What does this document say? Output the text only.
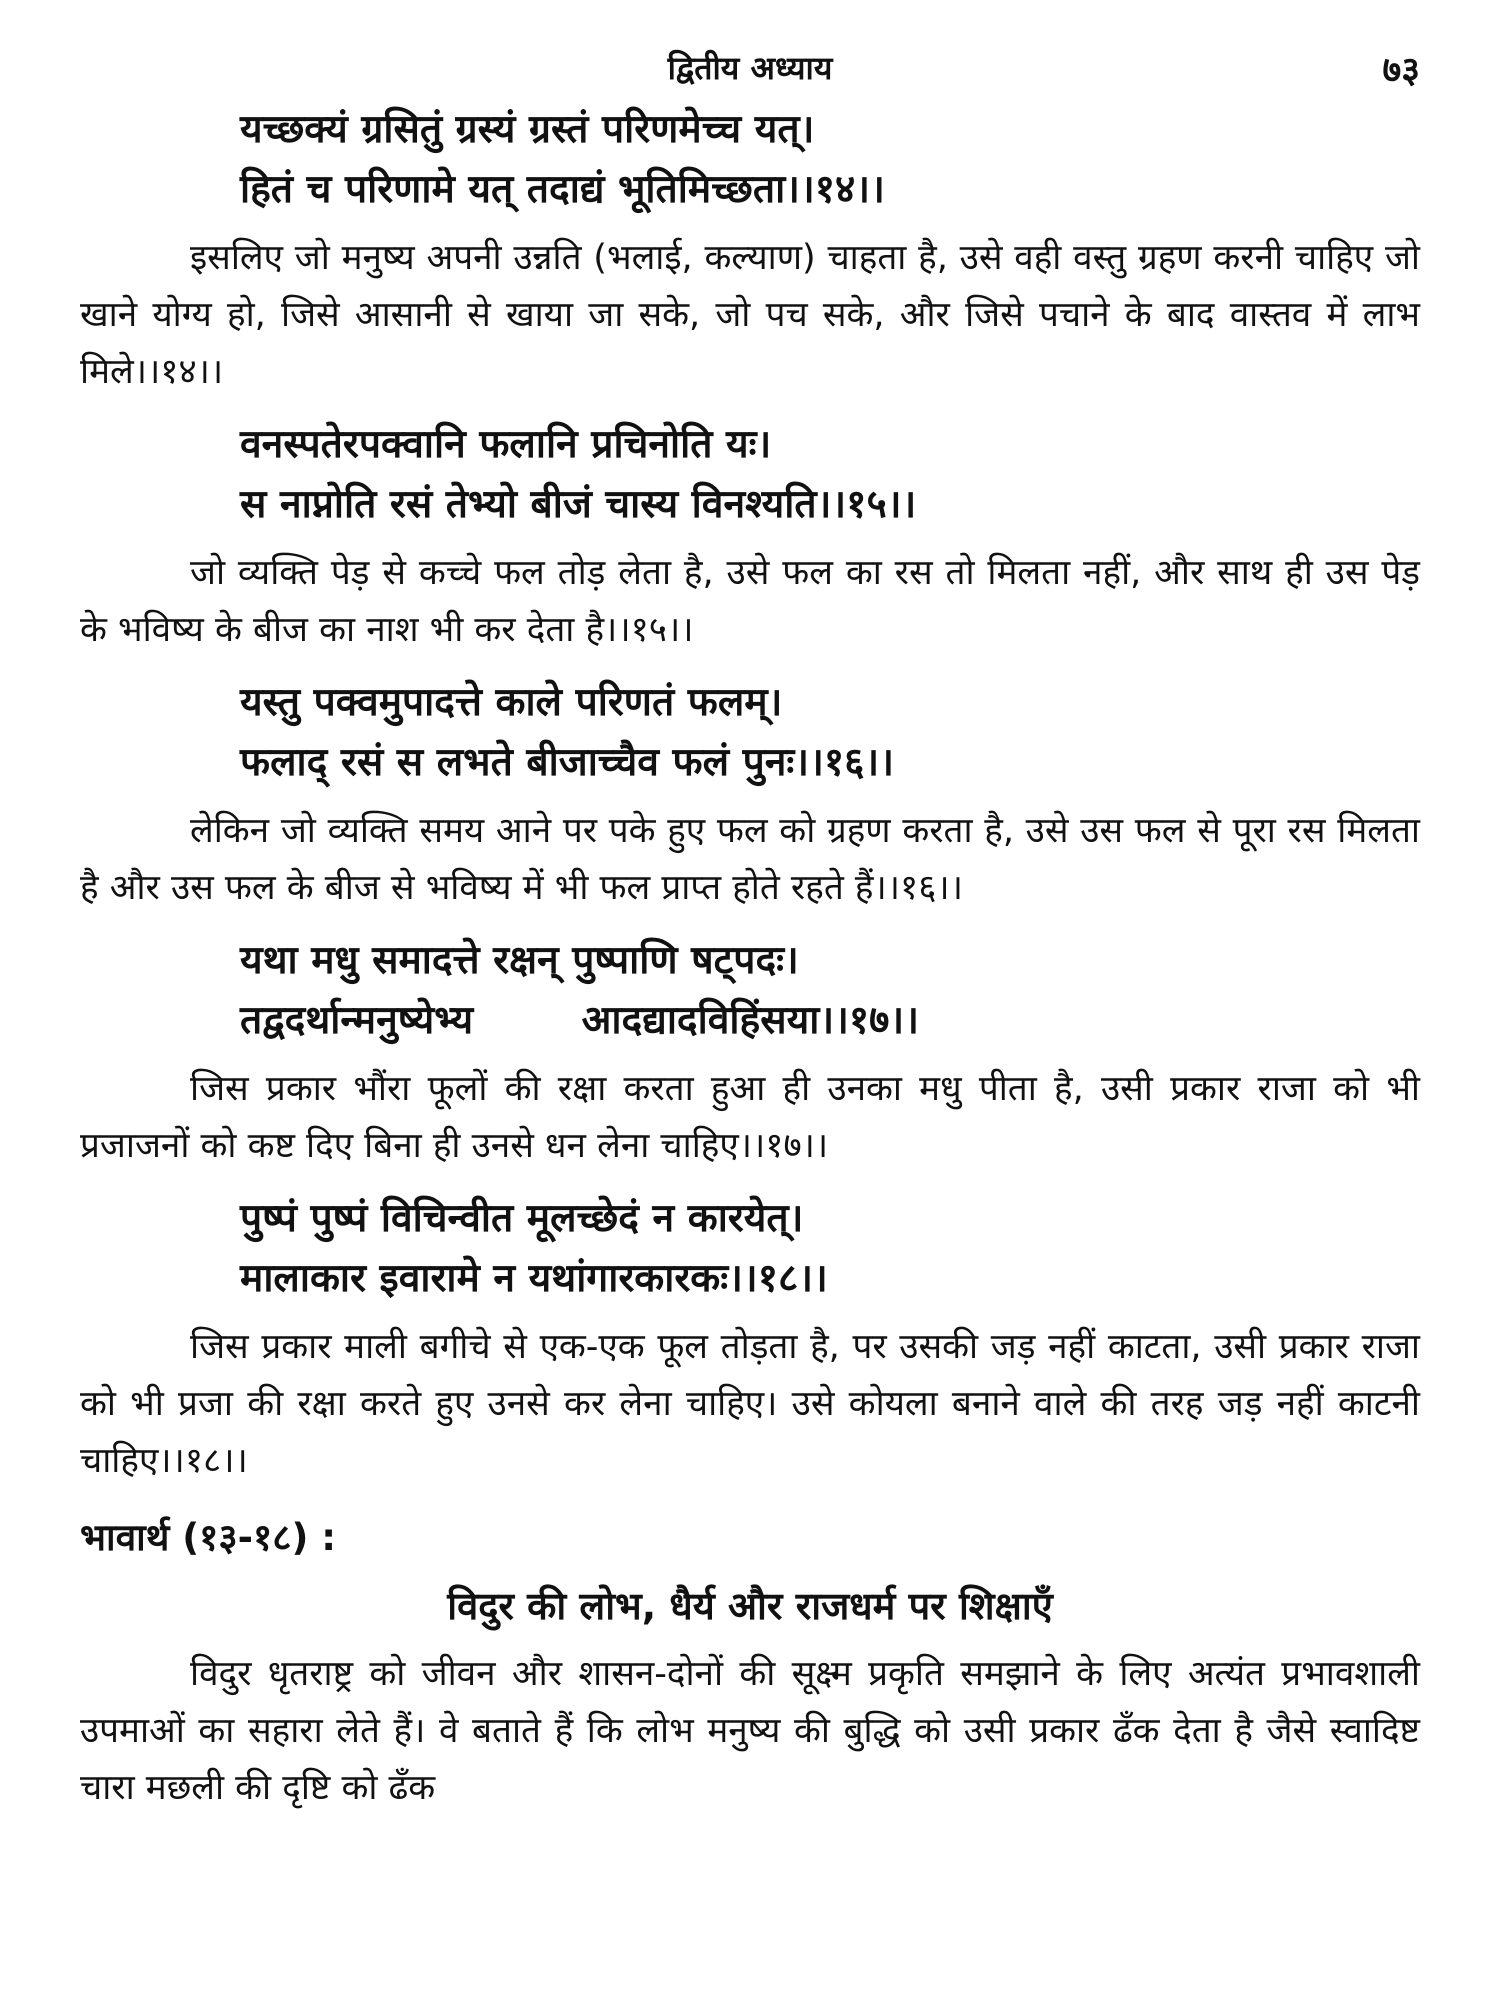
द्वितीय अध्याय	७३
यच्छक्यं ग्रसितुं ग्रस्यं ग्रस्तं परिणमेच्च यत्।
हितं च परिणामे यत् तदाद्यं भूतिमिच्छता।।१४।।

इसलिए जो मनुष्य अपनी उन्नति (भलाई, कल्याण) चाहता है, उसे वही वस्तु ग्रहण करनी चाहिए जो खाने योग्य हो, जिसे आसानी से खाया जा सके, जो पच सके, और जिसे पचाने के बाद वास्तव में लाभ मिले।।१४।।

वनस्पतेरपक्वानि फलानि प्रचिनोति यः।
स नाप्नोति रसं तेभ्यो बीजं चास्य विनश्यति।।१५।।

जो व्यक्ति पेड़ से कच्चे फल तोड़ लेता है, उसे फल का रस तो मिलता नहीं, और साथ ही उस पेड़ के भविष्य के बीज का नाश भी कर देता है।।१५।।

यस्तु पक्वमुपादत्ते काले परिणतं फलम्।
फलाद् रसं स लभते बीजाच्चैव फलं पुनः।।१६।।

लेकिन जो व्यक्ति समय आने पर पके हुए फल को ग्रहण करता है, उसे उस फल से पूरा रस मिलता है और उस फल के बीज से भविष्य में भी फल प्राप्त होते रहते हैं।।१६।।

यथा मधु समादत्ते रक्षन् पुष्पाणि षट्पदः।
तद्वदर्थान्मनुष्येभ्य        आदद्यादविहिंसया।।१७।।

जिस प्रकार भौंरा फूलों की रक्षा करता हुआ ही उनका मधु पीता है, उसी प्रकार राजा को भी प्रजाजनों को कष्ट दिए बिना ही उनसे धन लेना चाहिए।।१७।।

पुष्पं पुष्पं विचिन्वीत मूलच्छेदं न कारयेत्।
मालाकार इवारामे न यथांगारकारकः।।१८।।

जिस प्रकार माली बगीचे से एक-एक फूल तोड़ता है, पर उसकी जड़ नहीं काटता, उसी प्रकार राजा को भी प्रजा की रक्षा करते हुए उनसे कर लेना चाहिए। उसे कोयला बनाने वाले की तरह जड़ नहीं काटनी चाहिए।।१८।।

भावार्थ (१३-१८) :
विदुर की लोभ, धैर्य और राजधर्म पर शिक्षाएँ

विदुर धृतराष्ट्र को जीवन और शासन-दोनों की सूक्ष्म प्रकृति समझाने के लिए अत्यंत प्रभावशाली उपमाओं का सहारा लेते हैं। वे बताते हैं कि लोभ मनुष्य की बुद्धि को उसी प्रकार ढँक देता है जैसे स्वादिष्ट चारा मछली की दृष्टि को ढँक
